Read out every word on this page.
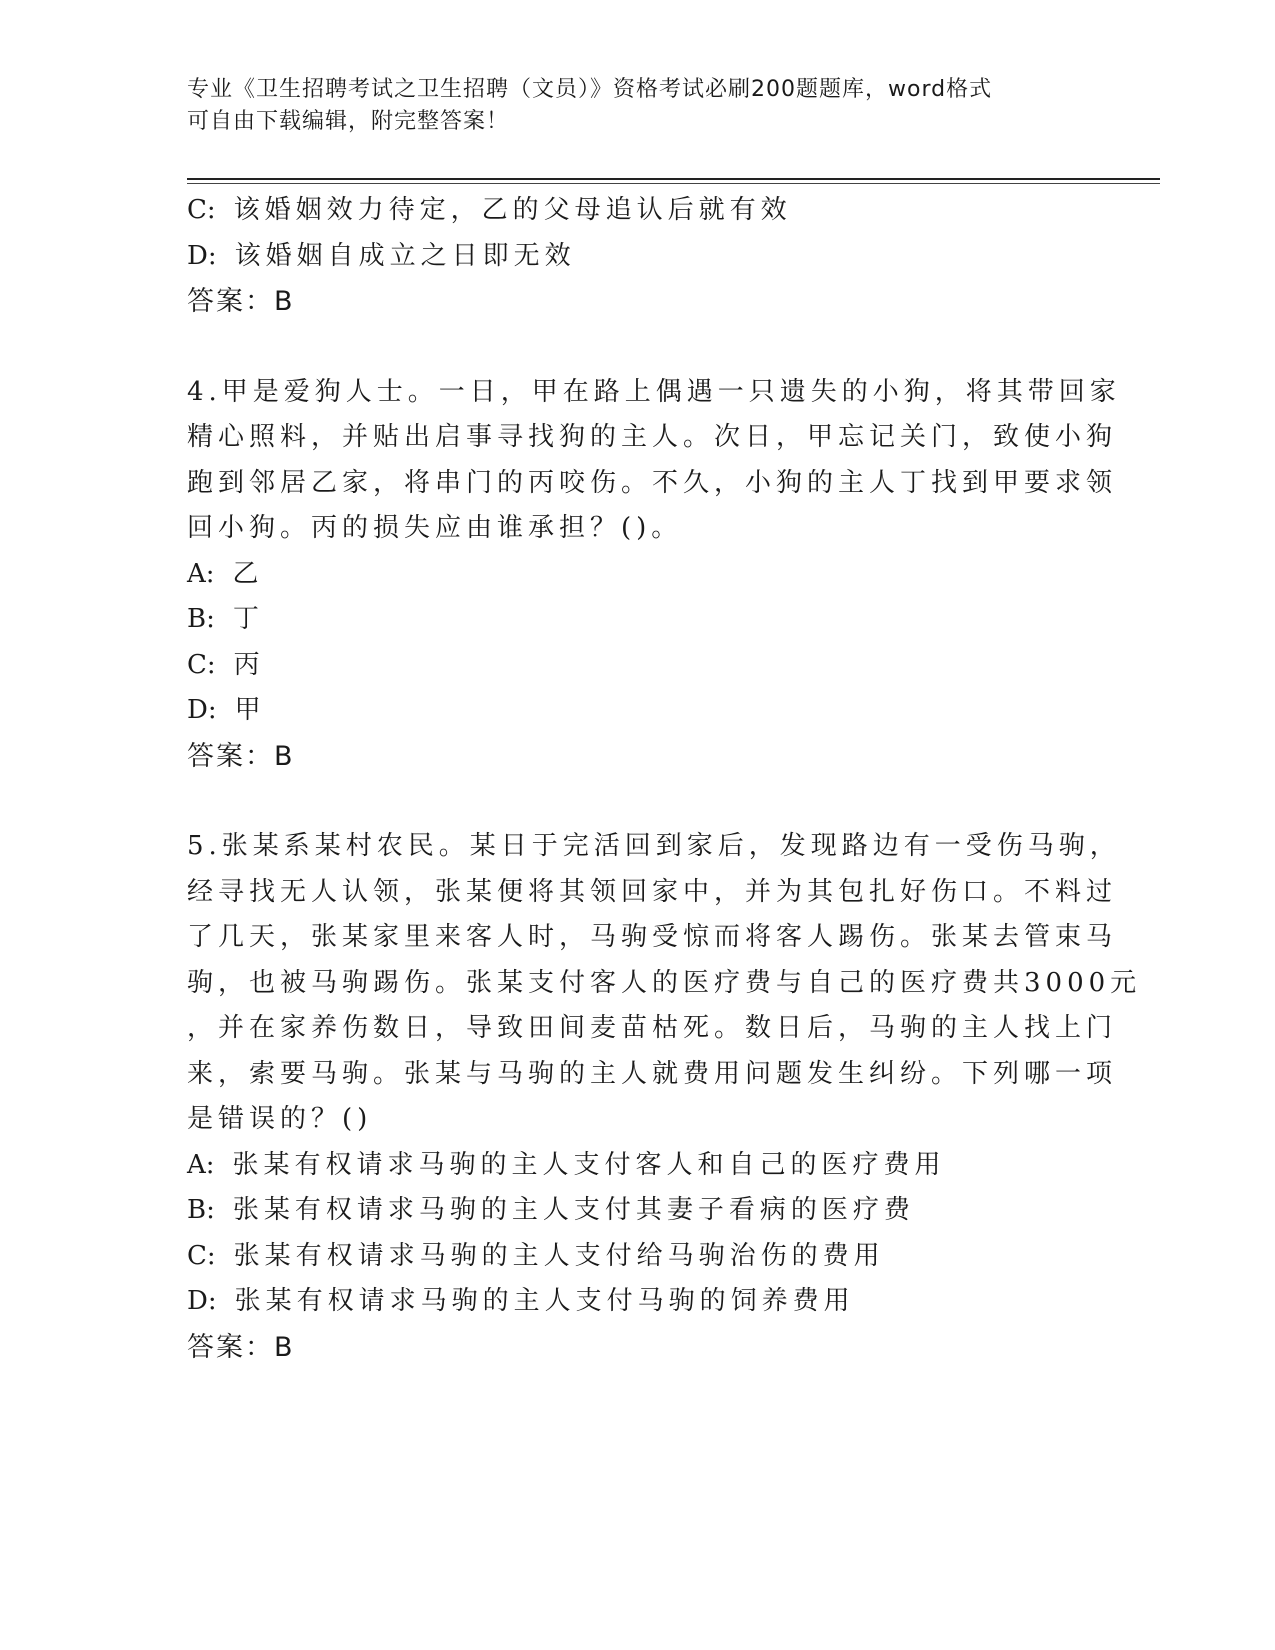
专业《卫生招聘考试之卫生招聘（文员）》资格考试必刷200题题库，word格式
可自由下载编辑，附完整答案！
C: 该婚姻效力待定，乙的父母追认后就有效
D: 该婚姻自成立之日即无效
答案：B
4.甲是爱狗人士。一日，甲在路上偶遇一只遗失的小狗，将其带回家
精心照料，并贴出启事寻找狗的主人。次日，甲忘记关门，致使小狗
跑到邻居乙家，将串门的丙咬伤。不久，小狗的主人丁找到甲要求领
回小狗。丙的损失应由谁承担？()。
A: 乙
B: 丁
C: 丙
D: 甲
答案：B
5.张某系某村农民。某日于完活回到家后，发现路边有一受伤马驹，
经寻找无人认领，张某便将其领回家中，并为其包扎好伤口。不料过
了几天，张某家里来客人时，马驹受惊而将客人踢伤。张某去管束马
驹，也被马驹踢伤。张某支付客人的医疗费与自己的医疗费共3000元
，并在家养伤数日，导致田间麦苗枯死。数日后，马驹的主人找上门
来，索要马驹。张某与马驹的主人就费用问题发生纠纷。下列哪一项
是错误的？()
A: 张某有权请求马驹的主人支付客人和自己的医疗费用
B: 张某有权请求马驹的主人支付其妻子看病的医疗费
C: 张某有权请求马驹的主人支付给马驹治伤的费用
D: 张某有权请求马驹的主人支付马驹的饲养费用
答案：B
